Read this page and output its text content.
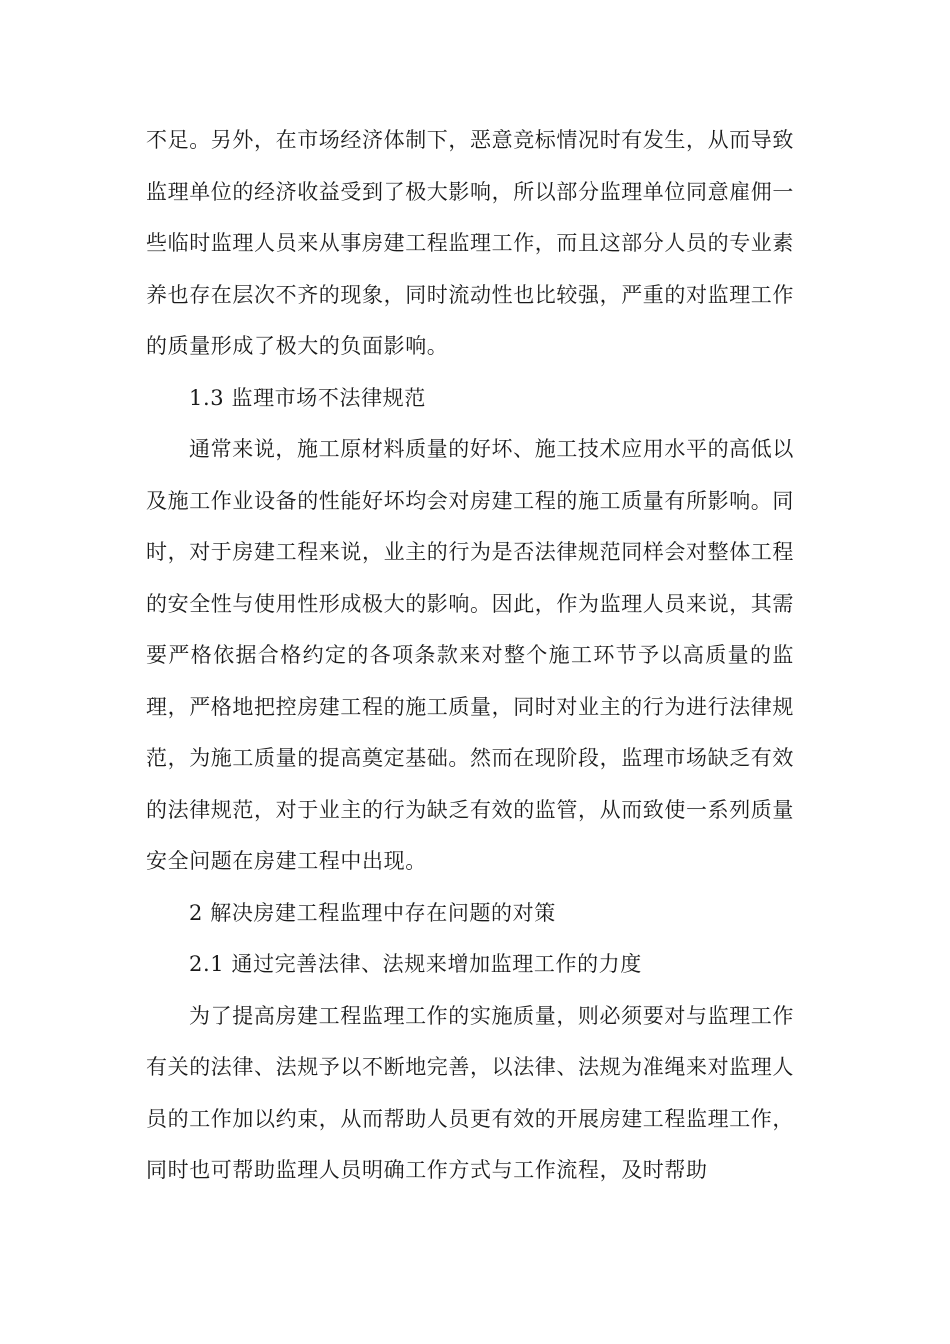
不足。另外，在市场经济体制下，恶意竞标情况时有发生，从而导致监理单位的经济收益受到了极大影响，所以部分监理单位同意雇佣一些临时监理人员来从事房建工程监理工作，而且这部分人员的专业素养也存在层次不齐的现象，同时流动性也比较强，严重的对监理工作的质量形成了极大的负面影响。

1.3 监理市场不法律规范

通常来说，施工原材料质量的好坏、施工技术应用水平的高低以及施工作业设备的性能好坏均会对房建工程的施工质量有所影响。同时，对于房建工程来说，业主的行为是否法律规范同样会对整体工程的安全性与使用性形成极大的影响。因此，作为监理人员来说，其需要严格依据合格约定的各项条款来对整个施工环节予以高质量的监理，严格地把控房建工程的施工质量，同时对业主的行为进行法律规范，为施工质量的提高奠定基础。然而在现阶段，监理市场缺乏有效的法律规范，对于业主的行为缺乏有效的监管，从而致使一系列质量安全问题在房建工程中出现。

2 解决房建工程监理中存在问题的对策

2.1 通过完善法律、法规来增加监理工作的力度

为了提高房建工程监理工作的实施质量，则必须要对与监理工作有关的法律、法规予以不断地完善，以法律、法规为准绳来对监理人员的工作加以约束，从而帮助人员更有效的开展房建工程监理工作，同时也可帮助监理人员明确工作方式与工作流程，及时帮助
